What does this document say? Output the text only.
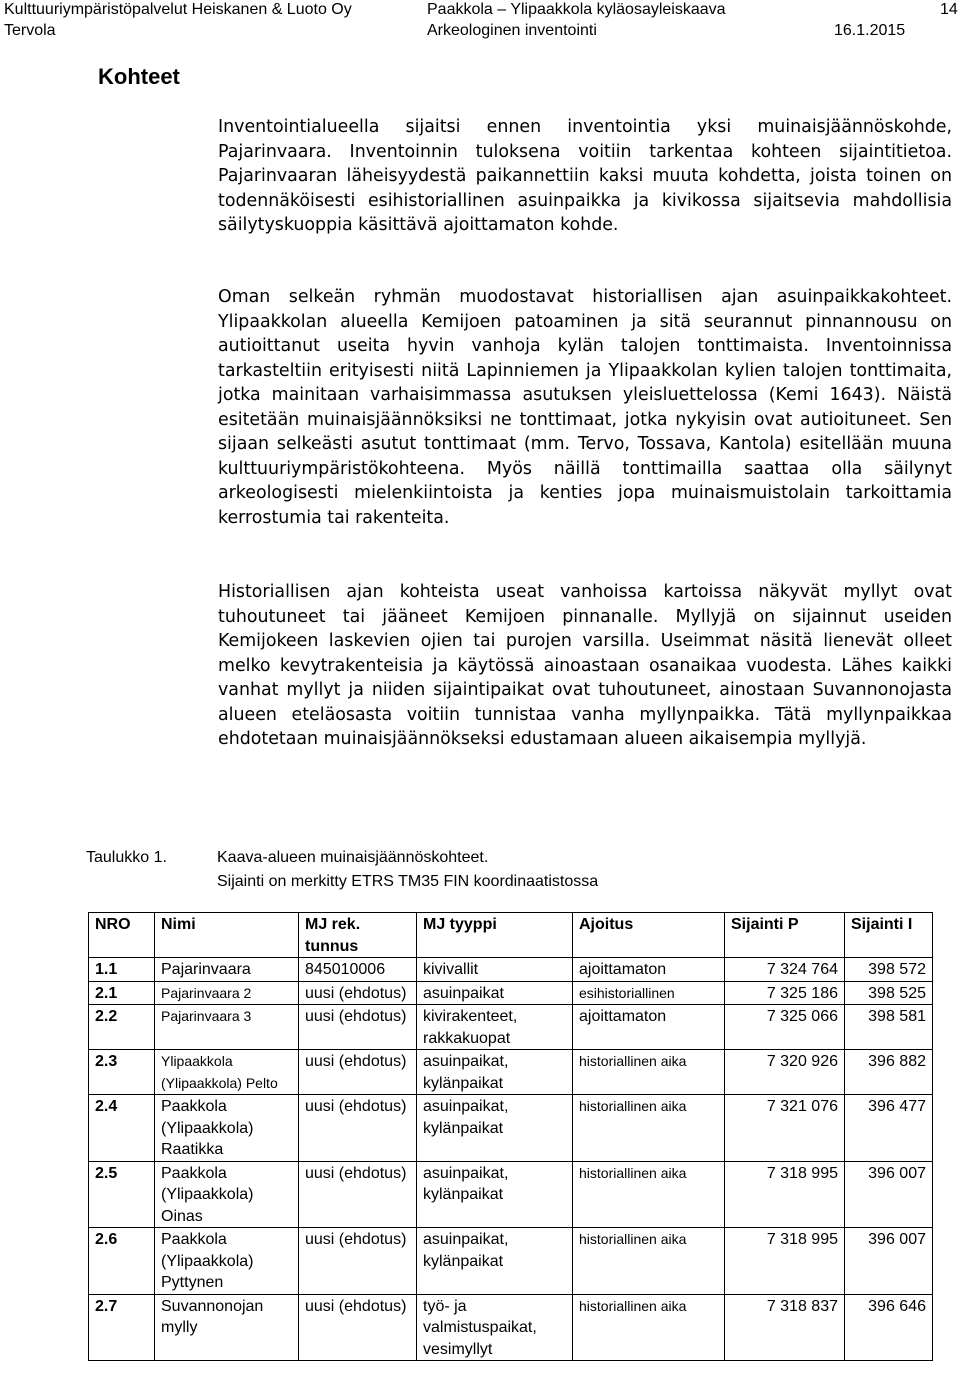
Kulttuuriympäristöpalvelut Heiskanen & Luoto Oy
Tervola
Paakkola – Ylipaakkola kyläosayleiskaava
Arkeologinen inventointi
14
16.1.2015
Kohteet

Inventointialueella sijaitsi ennen inventointia yksi muinaisjäännöskohde, Pajarinvaara. Inventoinnin tuloksena voitiin tarkentaa kohteen sijaintitietoa. Pajarinvaaran läheisyydestä paikannettiin kaksi muuta kohdetta, joista toinen on todennäköisesti esihistoriallinen asuinpaikka ja kivikossa sijaitsevia mahdollisia säilytyskuoppia käsittävä ajoittamaton kohde.

Oman selkeän ryhmän muodostavat historiallisen ajan asuinpaikkakohteet. Ylipaakkolan alueella Kemijoen patoaminen ja sitä seurannut pinnannousu on autioittanut useita hyvin vanhoja kylän talojen tonttimaista. Inventoinnissa tarkasteltiin erityisesti niitä Lapinniemen ja Ylipaakkolan kylien talojen tonttimaita, jotka mainitaan varhaisimmassa asutuksen yleisluettelossa (Kemi 1643). Näistä esitetään muinaisjäännöksiksi ne tonttimaat, jotka nykyisin ovat autioituneet. Sen sijaan selkeästi asutut tonttimaat (mm. Tervo, Tossava, Kantola) esitellään muuna kulttuuriympäristökohteena. Myös näillä tonttimailla saattaa olla säilynyt arkeologisesti mielenkiintoista ja kenties jopa muinaismuistolain tarkoittamia kerrostumia tai rakenteita.

Historiallisen ajan kohteista useat vanhoissa kartoissa näkyvät myllyt ovat tuhoutuneet tai jääneet Kemijoen pinnanalle. Myllyjä on sijainnut useiden Kemijokeen laskevien ojien tai purojen varsilla. Useimmat näsitä lienevät olleet melko kevytrakenteisia ja käytössä ainoastaan osanaikaa vuodesta. Lähes kaikki vanhat myllyt ja niiden sijaintipaikat ovat tuhoutuneet, ainostaan Suvannonojasta alueen eteläosasta voitiin tunnistaa vanha myllynpaikka. Tätä myllynpaikkaa ehdotetaan muinaisjäännökseksi edustamaan alueen aikaisempia myllyjä.

Taulukko 1.	Kaava-alueen muinaisjäännöskohteet.
Sijainti on merkitty ETRS TM35 FIN koordinaatistossa
NRO	Nimi	MJ rek. tunnus	MJ tyyppi	Ajoitus	Sijainti P	Sijainti I
1.1	Pajarinvaara	845010006	kivivallit	ajoittamaton	7 324 764	398 572
2.1	Pajarinvaara 2	uusi (ehdotus)	asuinpaikat	esihistoriallinen	7 325 186	398 525
2.2	Pajarinvaara 3	uusi (ehdotus)	kivirakenteet, rakkakuopat	ajoittamaton	7 325 066	398 581
2.3	Ylipaakkola (Ylipaakkola) Pelto	uusi (ehdotus)	asuinpaikat, kylänpaikat	historiallinen aika	7 320 926	396 882
2.4	Paakkola (Ylipaakkola) Raatikka	uusi (ehdotus)	asuinpaikat, kylänpaikat	historiallinen aika	7 321 076	396 477
2.5	Paakkola (Ylipaakkola) Oinas	uusi (ehdotus)	asuinpaikat, kylänpaikat	historiallinen aika	7 318 995	396 007
2.6	Paakkola (Ylipaakkola) Pyttynen	uusi (ehdotus)	asuinpaikat, kylänpaikat	historiallinen aika	7 318 995	396 007
2.7	Suvannonojan mylly	uusi (ehdotus)	työ- ja valmistuspaikat, vesimyllyt	historiallinen aika	7 318 837	396 646
